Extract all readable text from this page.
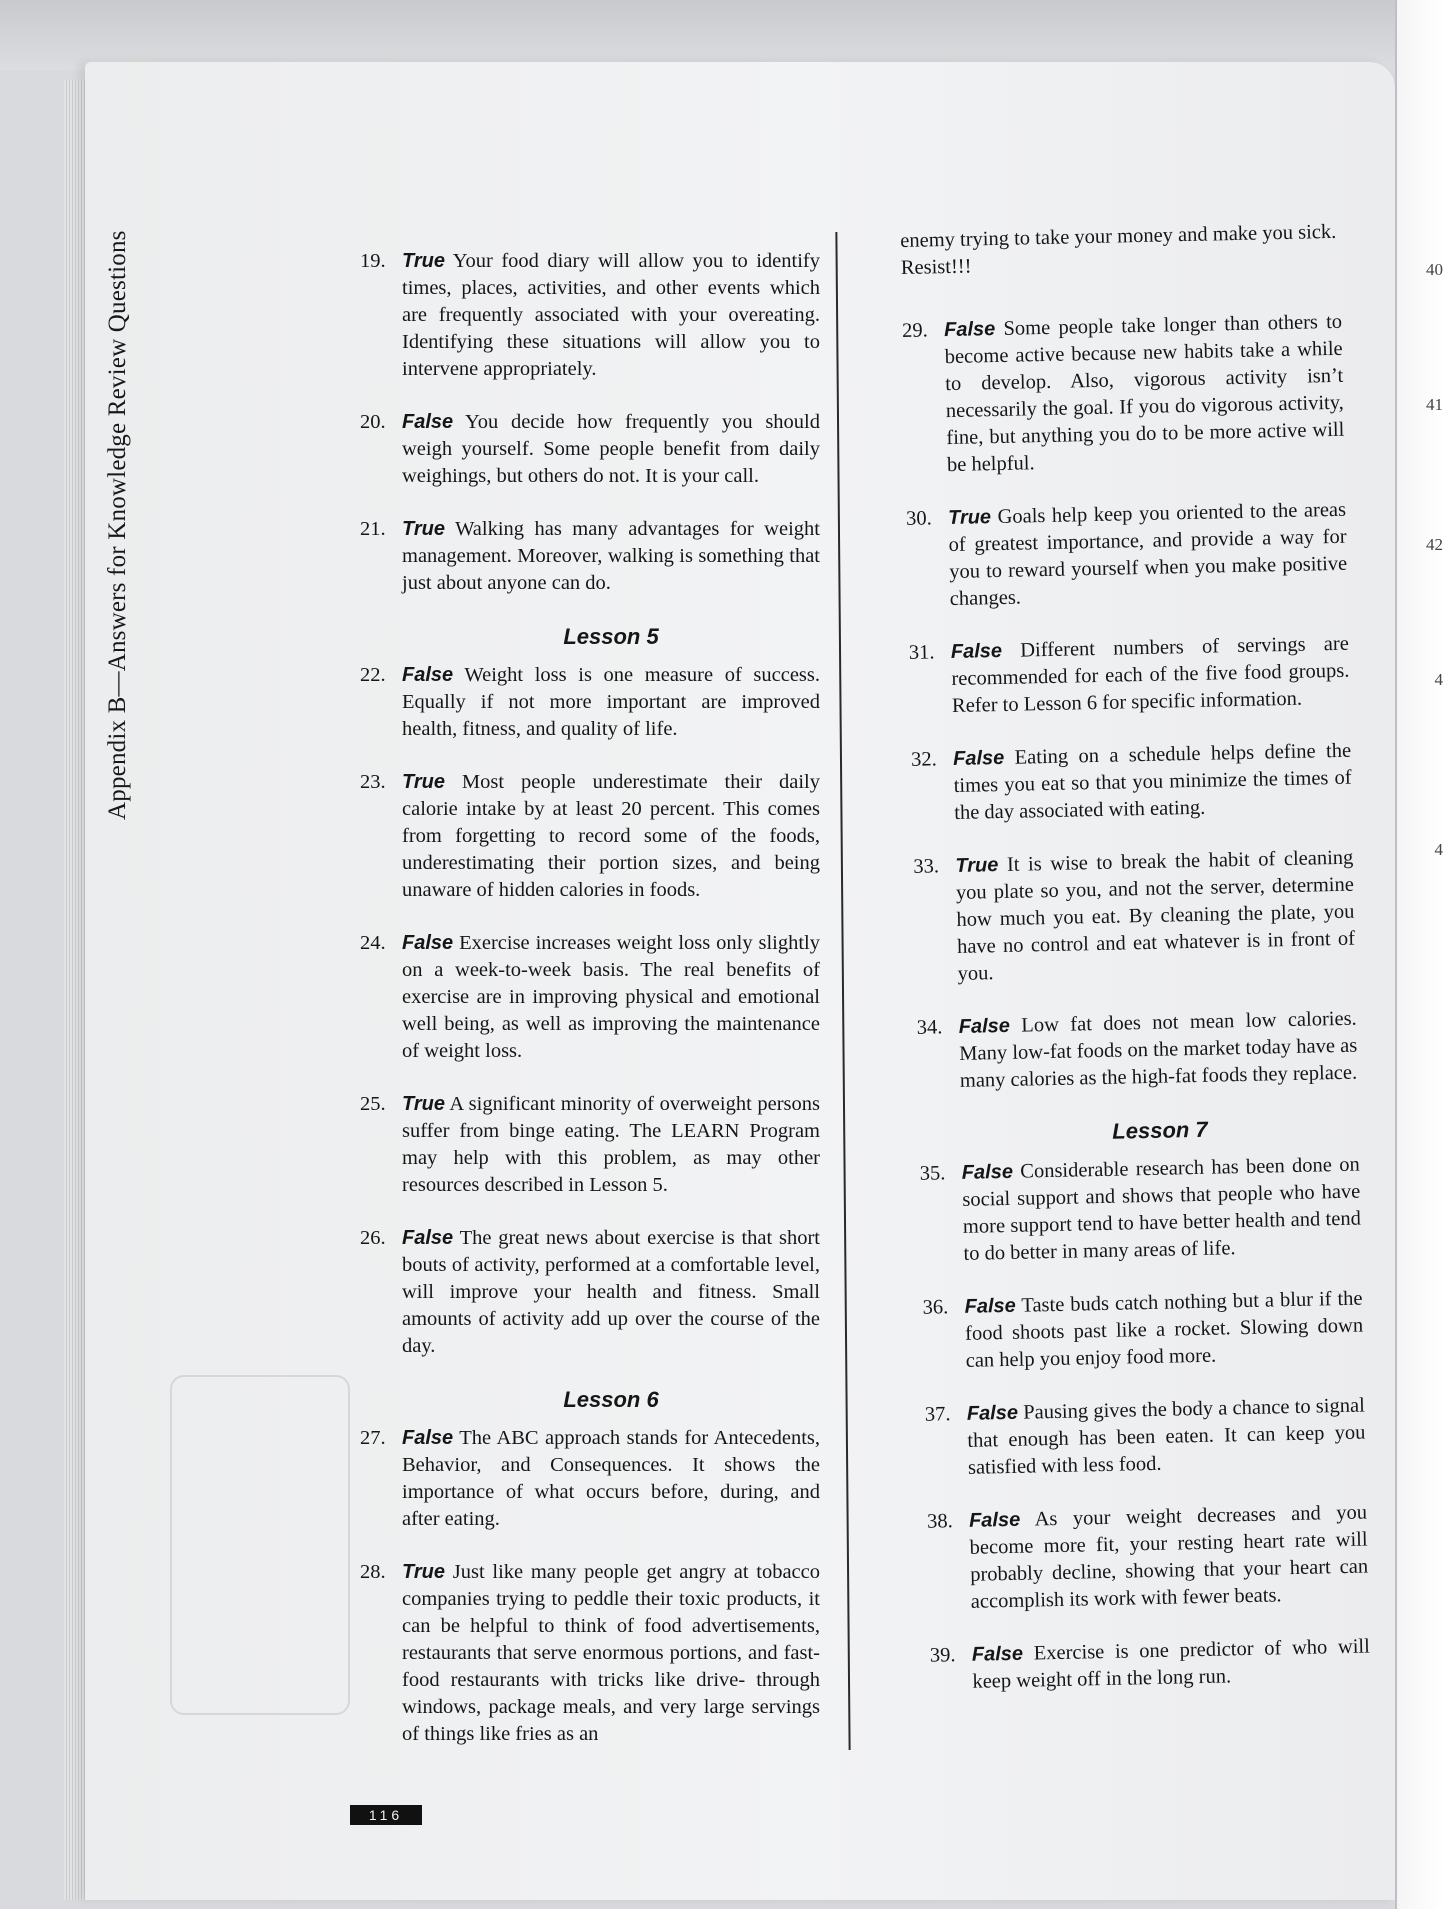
40
41
42
4
4
Appendix B—Answers for Knowledge Review Questions	19. True Your food diary will allow you to identify times, places, activities, and other events which are frequently associated with your overeating. Identifying these situations will allow you to intervene appropriately.
20. False You decide how frequently you should weigh yourself. Some people benefit from daily weighings, but others do not. It is your call.
21. True Walking has many advantages for weight management. Moreover, walking is something that just about anyone can do.
Lesson 5
22. False Weight loss is one measure of success. Equally if not more important are improved health, fitness, and quality of life.
23. True Most people underestimate their daily calorie intake by at least 20 percent. This comes from forgetting to record some of the foods, underestimating their portion sizes, and being unaware of hidden calories in foods.
24. False Exercise increases weight loss only slightly on a week-to-week basis. The real benefits of exercise are in improving physical and emotional well being, as well as improving the maintenance of weight loss.
25. True A significant minority of overweight persons suffer from binge eating. The LEARN Program may help with this problem, as may other resources described in Lesson 5.
26. False The great news about exercise is that short bouts of activity, performed at a comfortable level, will improve your health and fitness. Small amounts of activity add up over the course of the day.
Lesson 6
27. False The ABC approach stands for Antecedents, Behavior, and Consequences. It shows the importance of what occurs before, during, and after eating.
28. True Just like many people get angry at tobacco companies trying to peddle their toxic products, it can be helpful to think of food advertisements, restaurants that serve enormous portions, and fast-food restaurants with tricks like drive- through windows, package meals, and very large servings of things like fries as an
enemy trying to take your money and make you sick. Resist!!!
29. False Some people take longer than others to become active because new habits take a while to develop. Also, vigorous activity isn’t necessarily the goal. If you do vigorous activity, fine, but anything you do to be more active will be helpful.
30. True Goals help keep you oriented to the areas of greatest importance, and provide a way for you to reward yourself when you make positive changes.
31. False Different numbers of servings are recommended for each of the five food groups. Refer to Lesson 6 for specific information.
32. False Eating on a schedule helps define the times you eat so that you minimize the times of the day associated with eating.
33. True It is wise to break the habit of cleaning you plate so you, and not the server, determine how much you eat. By cleaning the plate, you have no control and eat whatever is in front of you.
34. False Low fat does not mean low calories. Many low-fat foods on the market today have as many calories as the high-fat foods they replace.
Lesson 7
35. False Considerable research has been done on social support and shows that people who have more support tend to have better health and tend to do better in many areas of life.
36. False Taste buds catch nothing but a blur if the food shoots past like a rocket. Slowing down can help you enjoy food more.
37. False Pausing gives the body a chance to signal that enough has been eaten. It can keep you satisfied with less food.
38. False As your weight decreases and you become more fit, your resting heart rate will probably decline, showing that your heart can accomplish its work with fewer beats.
39. False Exercise is one predictor of who will keep weight off in the long run.
116
